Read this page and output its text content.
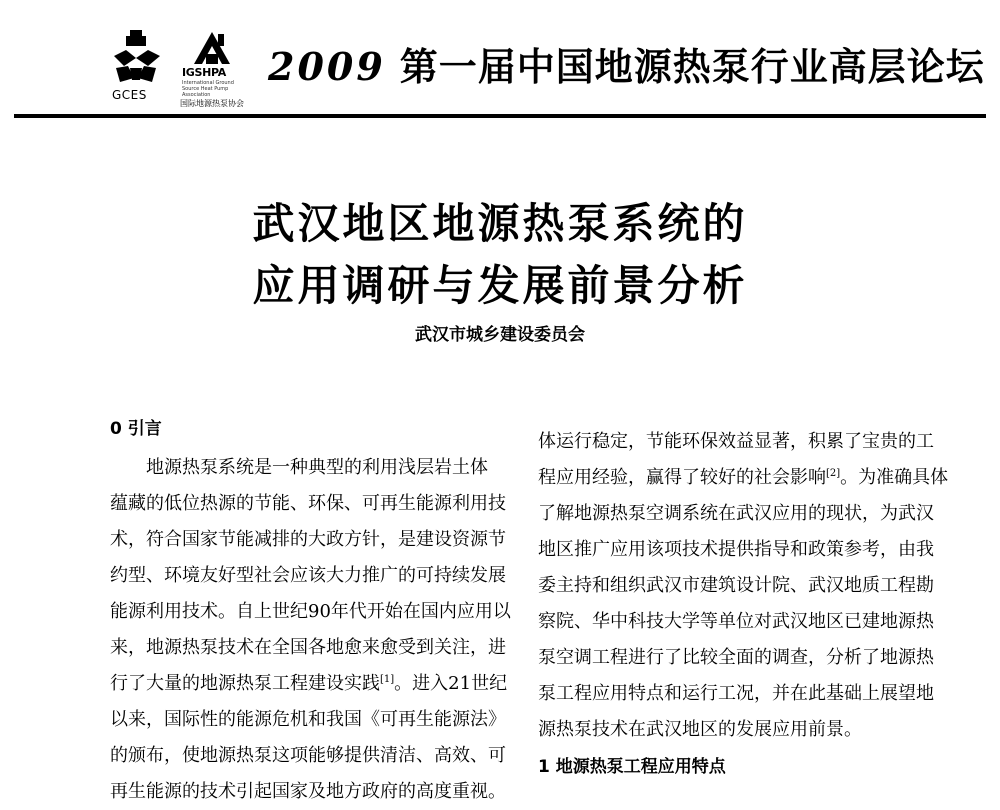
GCES
IGSHPA
International Ground Source Heat Pump Association
国际地源热泵协会
2009 第一届中国地源热泵行业高层论坛
武汉地区地源热泵系统的
应用调研与发展前景分析
武汉市城乡建设委员会
0 引言
地源热泵系统是一种典型的利用浅层岩土体
蕴藏的低位热源的节能、环保、可再生能源利用技
术，符合国家节能减排的大政方针，是建设资源节
约型、环境友好型社会应该大力推广的可持续发展
能源利用技术。自上世纪90年代开始在国内应用以
来，地源热泵技术在全国各地愈来愈受到关注，进
行了大量的地源热泵工程建设实践[1]。进入21世纪
以来，国际性的能源危机和我国《可再生能源法》
的颁布，使地源热泵这项能够提供清洁、高效、可
再生能源的技术引起国家及地方政府的高度重视。
体运行稳定，节能环保效益显著，积累了宝贵的工
程应用经验，赢得了较好的社会影响[2]。为准确具体
了解地源热泵空调系统在武汉应用的现状，为武汉
地区推广应用该项技术提供指导和政策参考，由我
委主持和组织武汉市建筑设计院、武汉地质工程勘
察院、华中科技大学等单位对武汉地区已建地源热
泵空调工程进行了比较全面的调查，分析了地源热
泵工程应用特点和运行工况，并在此基础上展望地
源热泵技术在武汉地区的发展应用前景。
1 地源热泵工程应用特点
